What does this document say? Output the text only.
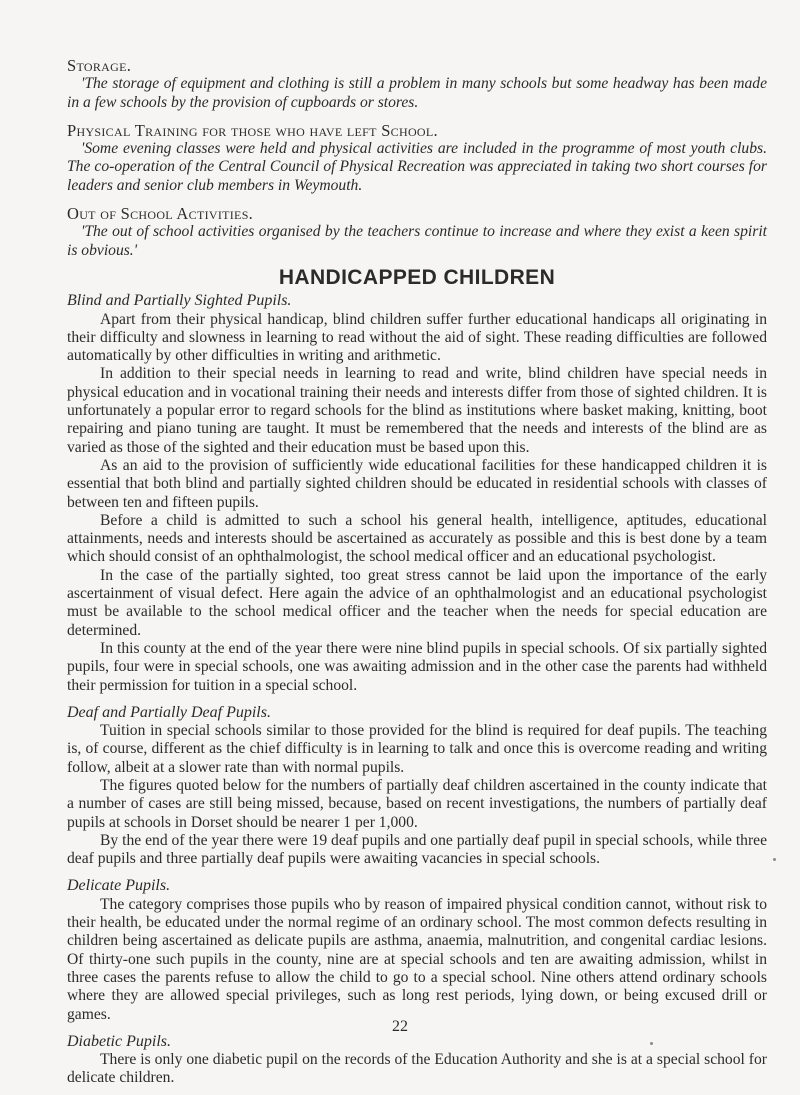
Storage.

'The storage of equipment and clothing is still a problem in many schools but some headway has been made in a few schools by the provision of cupboards or stores.

Physical Training for those who have left School.

'Some evening classes were held and physical activities are included in the programme of most youth clubs. The co-operation of the Central Council of Physical Recreation was appreciated in taking two short courses for leaders and senior club members in Weymouth.

Out of School Activities.

'The out of school activities organised by the teachers continue to increase and where they exist a keen spirit is obvious.'

HANDICAPPED CHILDREN

Blind and Partially Sighted Pupils.

Apart from their physical handicap, blind children suffer further educational handicaps all originating in their difficulty and slowness in learning to read without the aid of sight. These reading difficulties are followed automatically by other difficulties in writing and arithmetic.

In addition to their special needs in learning to read and write, blind children have special needs in physical education and in vocational training their needs and interests differ from those of sighted children. It is unfortunately a popular error to regard schools for the blind as institutions where basket making, knitting, boot repairing and piano tuning are taught. It must be remembered that the needs and interests of the blind are as varied as those of the sighted and their education must be based upon this.

As an aid to the provision of sufficiently wide educational facilities for these handicapped children it is essential that both blind and partially sighted children should be educated in residential schools with classes of between ten and fifteen pupils.

Before a child is admitted to such a school his general health, intelligence, aptitudes, educational attainments, needs and interests should be ascertained as accurately as possible and this is best done by a team which should consist of an ophthalmologist, the school medical officer and an educational psychologist.

In the case of the partially sighted, too great stress cannot be laid upon the importance of the early ascertainment of visual defect. Here again the advice of an ophthalmologist and an educational psychologist must be available to the school medical officer and the teacher when the needs for special education are determined.

In this county at the end of the year there were nine blind pupils in special schools. Of six partially sighted pupils, four were in special schools, one was awaiting admission and in the other case the parents had withheld their permission for tuition in a special school.

Deaf and Partially Deaf Pupils.

Tuition in special schools similar to those provided for the blind is required for deaf pupils. The teaching is, of course, different as the chief difficulty is in learning to talk and once this is overcome reading and writing follow, albeit at a slower rate than with normal pupils.

The figures quoted below for the numbers of partially deaf children ascertained in the county indicate that a number of cases are still being missed, because, based on recent investigations, the numbers of partially deaf pupils at schools in Dorset should be nearer 1 per 1,000.

By the end of the year there were 19 deaf pupils and one partially deaf pupil in special schools, while three deaf pupils and three partially deaf pupils were awaiting vacancies in special schools.

Delicate Pupils.

The category comprises those pupils who by reason of impaired physical condition cannot, without risk to their health, be educated under the normal regime of an ordinary school. The most common defects resulting in children being ascertained as delicate pupils are asthma, anaemia, malnutrition, and congenital cardiac lesions. Of thirty-one such pupils in the county, nine are at special schools and ten are awaiting admission, whilst in three cases the parents refuse to allow the child to go to a special school. Nine others attend ordinary schools where they are allowed special privileges, such as long rest periods, lying down, or being excused drill or games.

Diabetic Pupils.

There is only one diabetic pupil on the records of the Education Authority and she is at a special school for delicate children.

22
